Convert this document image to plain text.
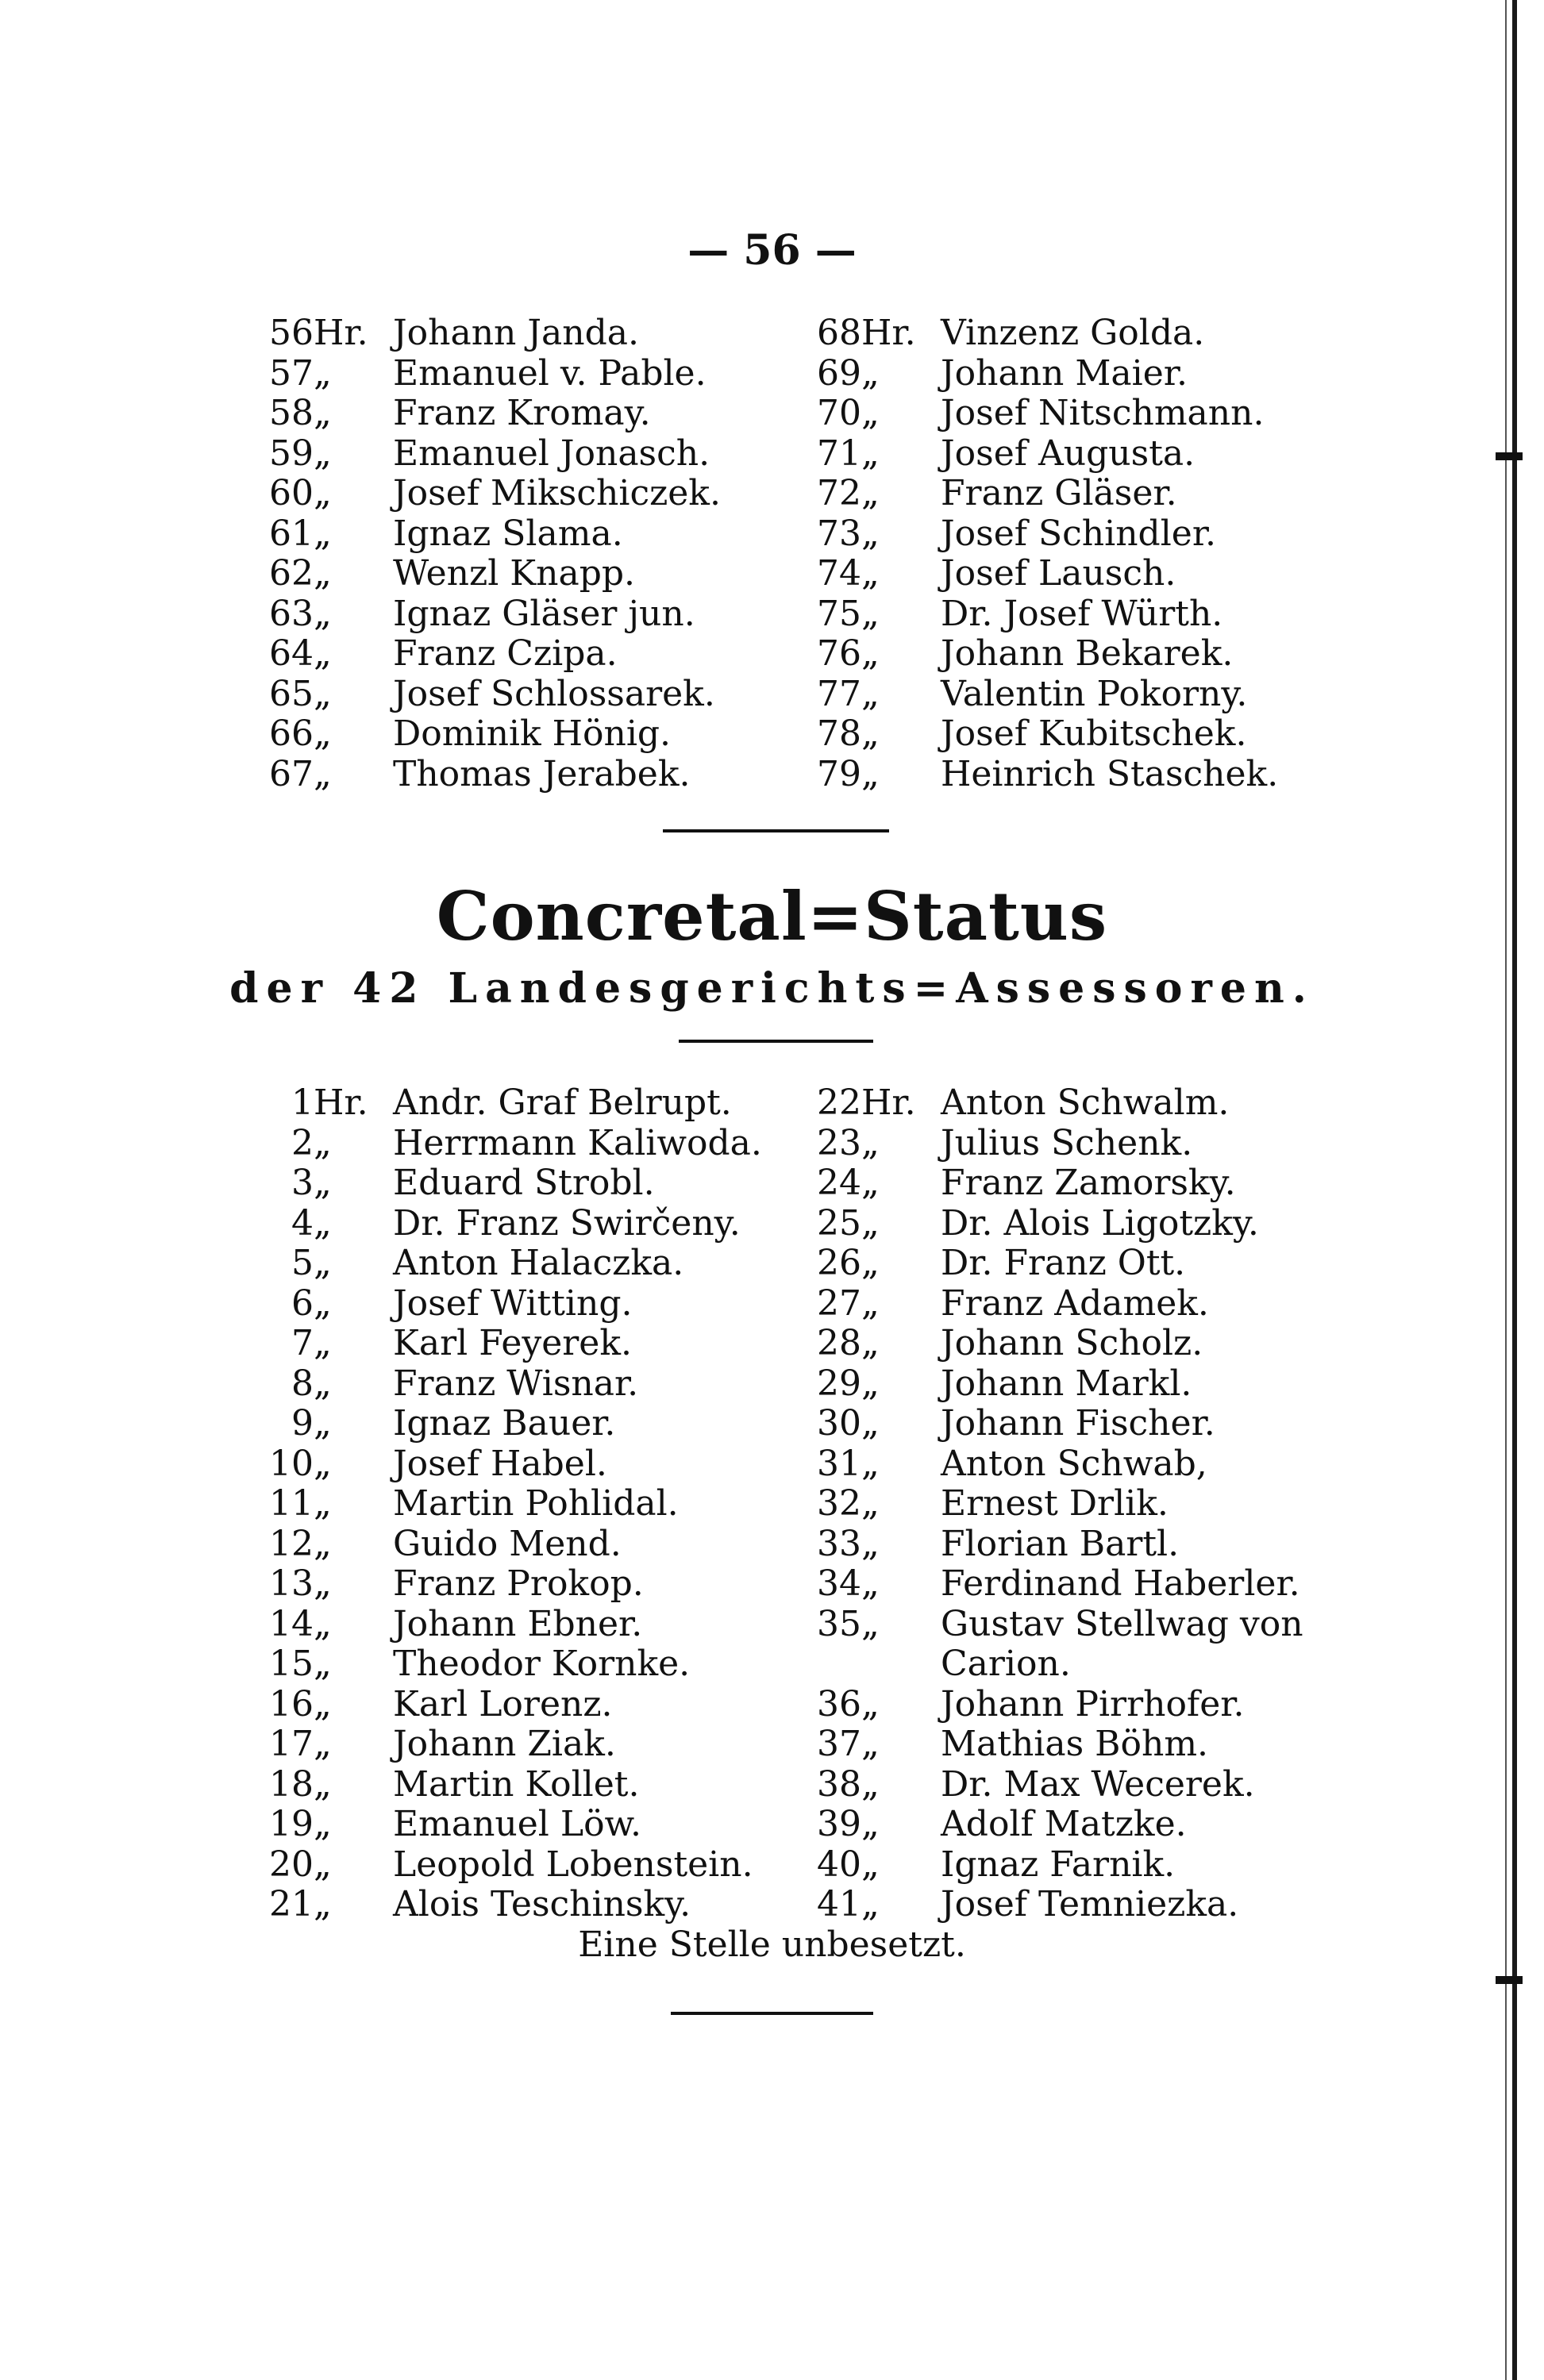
— 56 —
56 Hr. Johann Janda.
57 „ Emanuel v. Pable.
58 „ Franz Kromay.
59 „ Emanuel Jonasch.
60 „ Josef Mikschiczek.
61 „ Ignaz Slama.
62 „ Wenzl Knapp.
63 „ Ignaz Gläser jun.
64 „ Franz Czipa.
65 „ Josef Schlossarek.
66 „ Dominik Hönig.
67 „ Thomas Jerabek.
68 Hr. Vinzenz Golda.
69 „ Johann Maier.
70 „ Josef Nitschmann.
71 „ Josef Augusta.
72 „ Franz Gläser.
73 „ Josef Schindler.
74 „ Josef Lausch.
75 „ Dr. Josef Würth.
76 „ Johann Bekarek.
77 „ Valentin Pokorny.
78 „ Josef Kubitschek.
79 „ Heinrich Staschek.
Concretal=Status
der 42 Landesgerichts=Assessoren.
1 Hr. Andr. Graf Belrupt.
2 „ Herrmann Kaliwoda.
3 „ Eduard Strobl.
4 „ Dr. Franz Swirčeny.
5 „ Anton Halaczka.
6 „ Josef Witting.
7 „ Karl Feyerek.
8 „ Franz Wisnar.
9 „ Ignaz Bauer.
10 „ Josef Habel.
11 „ Martin Pohlidal.
12 „ Guido Mend.
13 „ Franz Prokop.
14 „ Johann Ebner.
15 „ Theodor Kornke.
16 „ Karl Lorenz.
17 „ Johann Ziak.
18 „ Martin Kollet.
19 „ Emanuel Löw.
20 „ Leopold Lobenstein.
21 „ Alois Teschinsky.
22 Hr. Anton Schwalm.
23 „ Julius Schenk.
24 „ Franz Zamorsky.
25 „ Dr. Alois Ligotzky.
26 „ Dr. Franz Ott.
27 „ Franz Adamek.
28 „ Johann Scholz.
29 „ Johann Markl.
30 „ Johann Fischer.
31 „ Anton Schwab,
32 „ Ernest Drlik.
33 „ Florian Bartl.
34 „ Ferdinand Haberler.
35 „ Gustav Stellwag von
Carion.
36 „ Johann Pirrhofer.
37 „ Mathias Böhm.
38 „ Dr. Max Wecerek.
39 „ Adolf Matzke.
40 „ Ignaz Farnik.
41 „ Josef Temniezka.
Eine Stelle unbesetzt.
